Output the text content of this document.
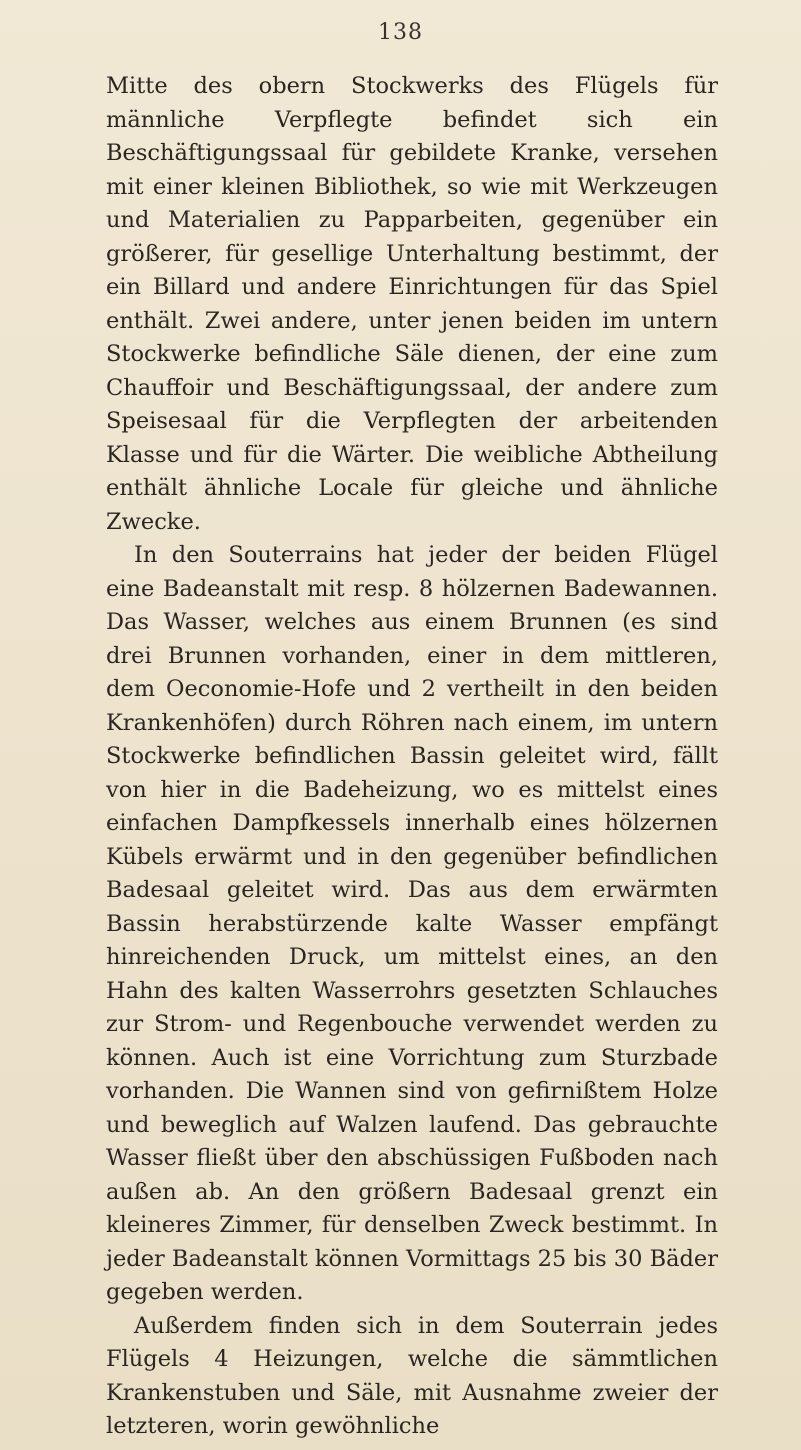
138

Mitte des obern Stockwerks des Flügels für männliche Verpflegte befindet sich ein Beschäftigungssaal für gebildete Kranke, versehen mit einer kleinen Bibliothek, so wie mit Werkzeugen und Materialien zu Papparbeiten, gegenüber ein größerer, für gesellige Unterhaltung bestimmt, der ein Billard und andere Einrichtungen für das Spiel enthält. Zwei andere, unter jenen beiden im untern Stockwerke befindliche Säle dienen, der eine zum Chauffoir und Beschäftigungssaal, der andere zum Speisesaal für die Verpflegten der arbeitenden Klasse und für die Wärter. Die weibliche Abtheilung enthält ähnliche Locale für gleiche und ähnliche Zwecke.

In den Souterrains hat jeder der beiden Flügel eine Badeanstalt mit resp. 8 hölzernen Badewannen. Das Wasser, welches aus einem Brunnen (es sind drei Brunnen vorhanden, einer in dem mittleren, dem Oeconomie-Hofe und 2 vertheilt in den beiden Krankenhöfen) durch Röhren nach einem, im untern Stockwerke befindlichen Bassin geleitet wird, fällt von hier in die Badeheizung, wo es mittelst eines einfachen Dampfkessels innerhalb eines hölzernen Kübels erwärmt und in den gegenüber befindlichen Badesaal geleitet wird. Das aus dem erwärmten Bassin herabstürzende kalte Wasser empfängt hinreichenden Druck, um mittelst eines, an den Hahn des kalten Wasserrohrs gesetzten Schlauches zur Strom- und Regenbouche verwendet werden zu können. Auch ist eine Vorrichtung zum Sturzbade vorhanden. Die Wannen sind von gefirnißtem Holze und beweglich auf Walzen laufend. Das gebrauchte Wasser fließt über den abschüssigen Fußboden nach außen ab. An den größern Badesaal grenzt ein kleineres Zimmer, für denselben Zweck bestimmt. In jeder Badeanstalt können Vormittags 25 bis 30 Bäder gegeben werden.

Außerdem finden sich in dem Souterrain jedes Flügels 4 Heizungen, welche die sämmtlichen Krankenstuben und Säle, mit Ausnahme zweier der letzteren, worin gewöhnliche
